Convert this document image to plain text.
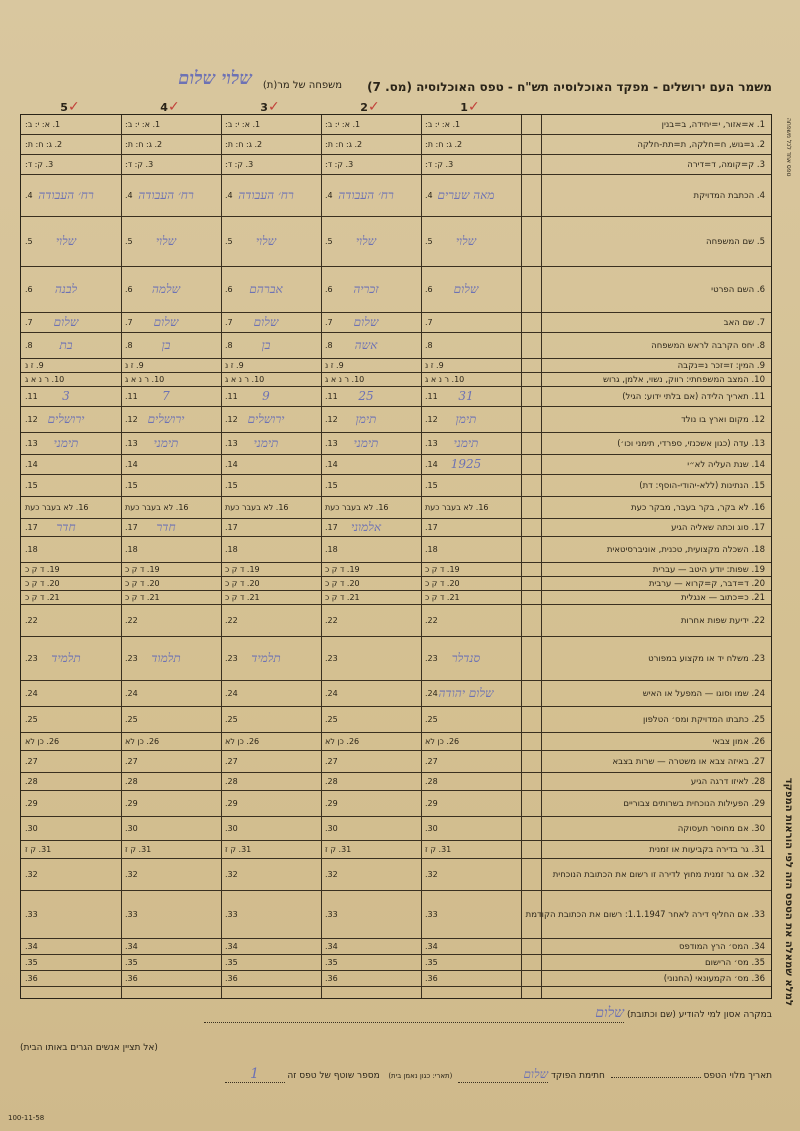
משמר העם ירושלים - מפקד האוכלוסיה תש"ח - טפס האוכלוסיה (מס. 7)
משפחה של מר(ת)
שלוי שלום
1✓
2✓
3✓
4✓
5✓
1. א=אזור, י=יחידה, ב=בנין
1. א: י: ב:
1. א: י: ב:
1. א: י: ב:
1. א: י: ב:
1. א: י: ב:
2. ג=גוש, ח=חלקה, ת=תת-חלקה
2. ג: ח: ת:
2. ג: ח: ת:
2. ג: ח: ת:
2. ג: ח: ת:
2. ג: ח: ת:
3. ק=קומה, ד=דירה
3. ק: ד:
3. ק: ד:
3. ק: ד:
3. ק: ד:
3. ק: ד:
4. הכתבת המדויקת
4. מאה שערים
4. רח׳ העבודה
4. רח׳ העבודה
4. רח׳ העבודה
4. רח׳ העבודה
5. שם המשפחה
5.	שלוי
5.	שלוי
5.	שלוי
5.	שלוי
5.	שלוי
6. השם הפרטי
6.	שלום
6.	זכריה
6.	אברהם
6.	שלמה
6.	לבנה
7. שם האב
7.
7.	שלום
7.	שלום
7.	שלום
7.	שלום
8. יחס הקרבה לראש המשפחה
8.
8.	אשה
8.	בן
8.	בן
8.	בת
9. המין: ז=זכר נ=נקבה
9. ז נ
9. ז נ
9. ז נ
9. ז נ
9. ז נ
10. המצב המשפחתי: רווק, נשוי, אלמן, גרוש
10. ר נ א ג
10. ר נ א ג
10. ר נ א ג
10. ר נ א ג
10. ר נ א ג
11. תאריך הלידה (אם בלתי ידוע: הגיל)
11.	31
11.	25
11.	9
11.	7
11.	3
12. מקום וארץ בו נולד
12.	תימן
12.	תימן
12. ירושלים
12. ירושלים
12. ירושלים
13. עדה (כגון אשכנזי, ספרדי, תימני וכו׳)
13.	תימני
13.	תימני
13.	תימני
13.	תימני
13.	תימני
14. שנת העליה לא״י
14.	1925
14.
14.
14.
14.
15. הנתינות (ללא-יהודי-הוסף: דת)
15.
15.
15.
15.
15.
16. לא בקר, בקר בעבר, מבקר כעת
16. לא בעבר כעת
16. לא בעבר כעת
16. לא בעבר כעת
16. לא בעבר כעת
16. לא בעבר כעת
17. סוג וכתה שאליה הגיע
17.
17.	אלמוני
17.
17.	חדר
17.	חדר
18. השכלה מקצועית, טכנית, אוניברסיטאית
18.
18.
18.
18.
18.
19. שפות: יודע היטב — עברית
19. ד ק כ
19. ד ק כ
19. ד ק כ
19. ד ק כ
19. ד ק כ
20. ד=דבר, ק=קרוא — ערבית
20. ד ק כ
20. ד ק כ
20. ד ק כ
20. ד ק כ
20. ד ק כ
21. כ=כתוב — אנגלית
21. ד ק כ
21. ד ק כ
21. ד ק כ
21. ד ק כ
21. ד ק כ
22. ידיעת שפות אחרות
22.
22.
22.
22.
22.
23. משלח יד או מקצוע במפורט
23.	סנדלר
23.
23.	תלמיד
23.	תלמוד
23.	תלמיד
24. שמו וסוגו — המפעל או האיש
24. שלום יהודה
24.
24.
24.
24.
25. כתבתו המדויקת ומס׳ הטלפון
25.
25.
25.
25.
25.
26. אמון צבאי
26. כן לא
26. כן לא
26. כן לא
26. כן לא
26. כן לא
27. באיזה צבא או משטרה — שרות בצבא
27.
27.
27.
27.
27.
28. לאיזו דרגה הגיע
28.
28.
28.
28.
28.
29. הפעילות הנוכחית בשרותים צבוריים
29.
29.
29.
29.
29.
30. אם מחוסר תעסוקה
30.
30.
30.
30.
30.
31. גר בדירה בקביעות או זמנית
31. ק ז
31. ק ז
31. ק ז
31. ק ז
31. ק ז
32. אם גר זמנית מחוץ לדירה זו רשום את הכתובת הנוכחית
32.
32.
32.
32.
32.
33. אם החליף דירה לאחר 1.1.1947: רשום את הכתובת הקודמת
33.
33.
33.
33.
33.
34. המס׳ הרץ המודפס
34.
34.
34.
34.
34.
35. מס׳ הרישום
35.
35.
35.
35.
35.
36. מס׳ הקמעונאי (החנוני)
36.
36.
36.
36.
36.
טפס אחד לכל משפחה
למלא שמאלה את הטפס הזה לפי הוראות המפקד
במקרה אסון למי להודיע (שם וכתובת) שלום
(אל תציין אנשים הגרים באותו הבית)
תאריך מלוי הטפס   חתימת הפוקד שלום  (תארי: כגון נאמן בית)   מספר שוטף של טפס זה 1
100-11-58
